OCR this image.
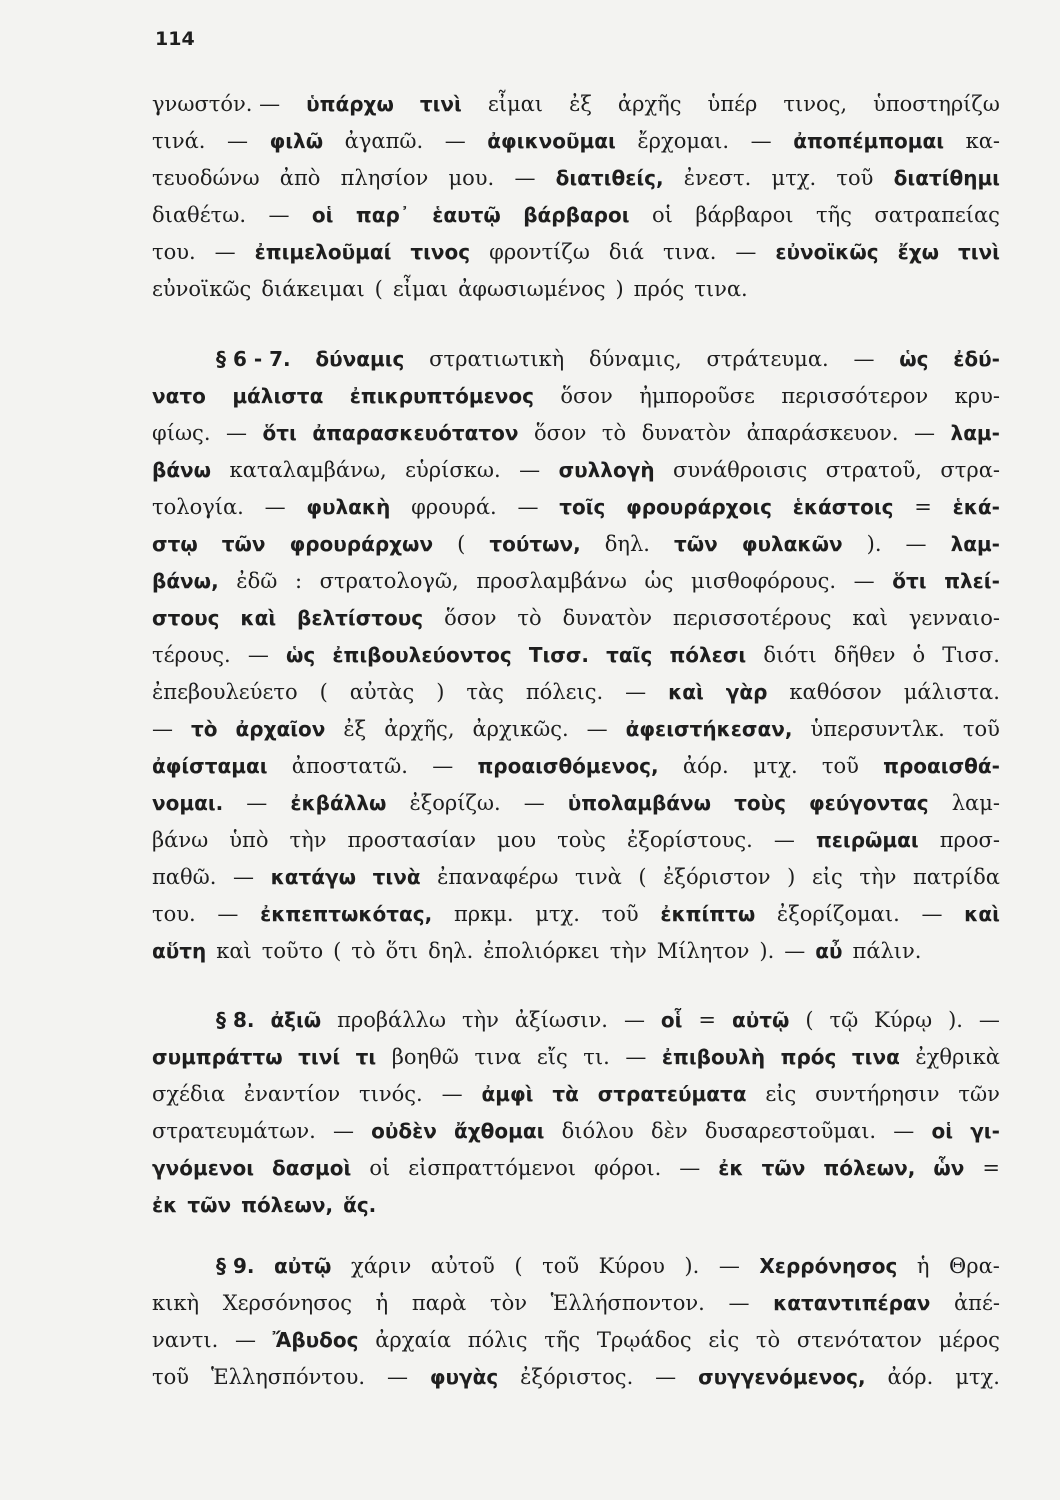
114
γνωστόν. — ὑπάρχω τινὶ εἶμαι ἐξ ἀρχῆς ὑπέρ τινος, ὑποστηρίζω
τινά. — φιλῶ ἀγαπῶ. — ἀφικνοῦμαι ἔρχομαι. — ἀποπέμπομαι κα-
τευοδώνω ἀπὸ πλησίον μου. — διατιθείς, ἐνεστ. μτχ. τοῦ διατίθημι
διαθέτω. — οἱ παρ᾽ ἑαυτῷ βάρβαροι οἱ βάρβαροι τῆς σατραπείας
του. — ἐπιμελοῦμαί τινος φροντίζω διά τινα. — εὐνοϊκῶς ἔχω τινὶ
εὐνοϊκῶς διάκειμαι ( εἶμαι ἀφωσιωμένος ) πρός τινα.
§ 6 - 7. δύναμις στρατιωτικὴ δύναμις, στράτευμα. — ὡς ἐδύ-
νατο μάλιστα ἐπικρυπτόμενος ὅσον ἠμποροῦσε περισσότερον κρυ-
φίως. — ὅτι ἀπαρασκευότατον ὅσον τὸ δυνατὸν ἀπαράσκευον. — λαμ-
βάνω καταλαμβάνω, εὑρίσκω. — συλλογὴ συνάθροισις στρατοῦ, στρα-
τολογία. — φυλακὴ φρουρά. — τοῖς φρουράρχοις ἑκάστοις = ἑκά-
στῳ τῶν φρουράρχων ( τούτων, δηλ. τῶν φυλακῶν ). — λαμ-
βάνω, ἐδῶ : στρατολογῶ, προσλαμβάνω ὡς μισθοφόρους. — ὅτι πλεί-
στους καὶ βελτίστους ὅσον τὸ δυνατὸν περισσοτέρους καὶ γενναιο-
τέρους. — ὡς ἐπιβουλεύοντος Τισσ. ταῖς πόλεσι διότι δῆθεν ὁ Τισσ.
ἐπεβουλεύετο ( αὐτὰς ) τὰς πόλεις. — καὶ γὰρ καθόσον μάλιστα.
— τὸ ἀρχαῖον ἐξ ἀρχῆς, ἀρχικῶς. — ἀφειστήκεσαν, ὑπερσυντλκ. τοῦ
ἀφίσταμαι ἀποστατῶ. — προαισθόμενος, ἀόρ. μτχ. τοῦ προαισθά-
νομαι. — ἐκβάλλω ἐξορίζω. — ὑπολαμβάνω τοὺς φεύγοντας λαμ-
βάνω ὑπὸ τὴν προστασίαν μου τοὺς ἐξορίστους. — πειρῶμαι προσ-
παθῶ. — κατάγω τινὰ ἐπαναφέρω τινὰ ( ἐξόριστον ) εἰς τὴν πατρίδα
του. — ἐκπεπτωκότας, πρκμ. μτχ. τοῦ ἐκπίπτω ἐξορίζομαι. — καὶ
αὕτη καὶ τοῦτο ( τὸ ὅτι δηλ. ἐπολιόρκει τὴν Μίλητον ). — αὖ πάλιν.
§ 8. ἀξιῶ προβάλλω τὴν ἀξίωσιν. — οἷ = αὐτῷ ( τῷ Κύρῳ ). —
συμπράττω τινί τι βοηθῶ τινα εἴς τι. — ἐπιβουλὴ πρός τινα ἐχθρικὰ
σχέδια ἐναντίον τινός. — ἀμφὶ τὰ στρατεύματα εἰς συντήρησιν τῶν
στρατευμάτων. — οὐδὲν ἄχθομαι διόλου δὲν δυσαρεστοῦμαι. — οἱ γι-
γνόμενοι δασμοὶ οἱ εἰσπραττόμενοι φόροι. — ἐκ τῶν πόλεων, ὧν =
ἐκ τῶν πόλεων, ἅς.
§ 9. αὐτῷ χάριν αὐτοῦ ( τοῦ Κύρου ). — Χερρόνησος ἡ Θρα-
κικὴ Χερσόνησος ἡ παρὰ τὸν Ἑλλήσποντον. — καταντιπέραν ἀπέ-
ναντι. — Ἄβυδος ἀρχαία πόλις τῆς Τρῳάδος εἰς τὸ στενότατον μέρος
τοῦ Ἑλλησπόντου. — φυγὰς ἐξόριστος. — συγγενόμενος, ἀόρ. μτχ.
